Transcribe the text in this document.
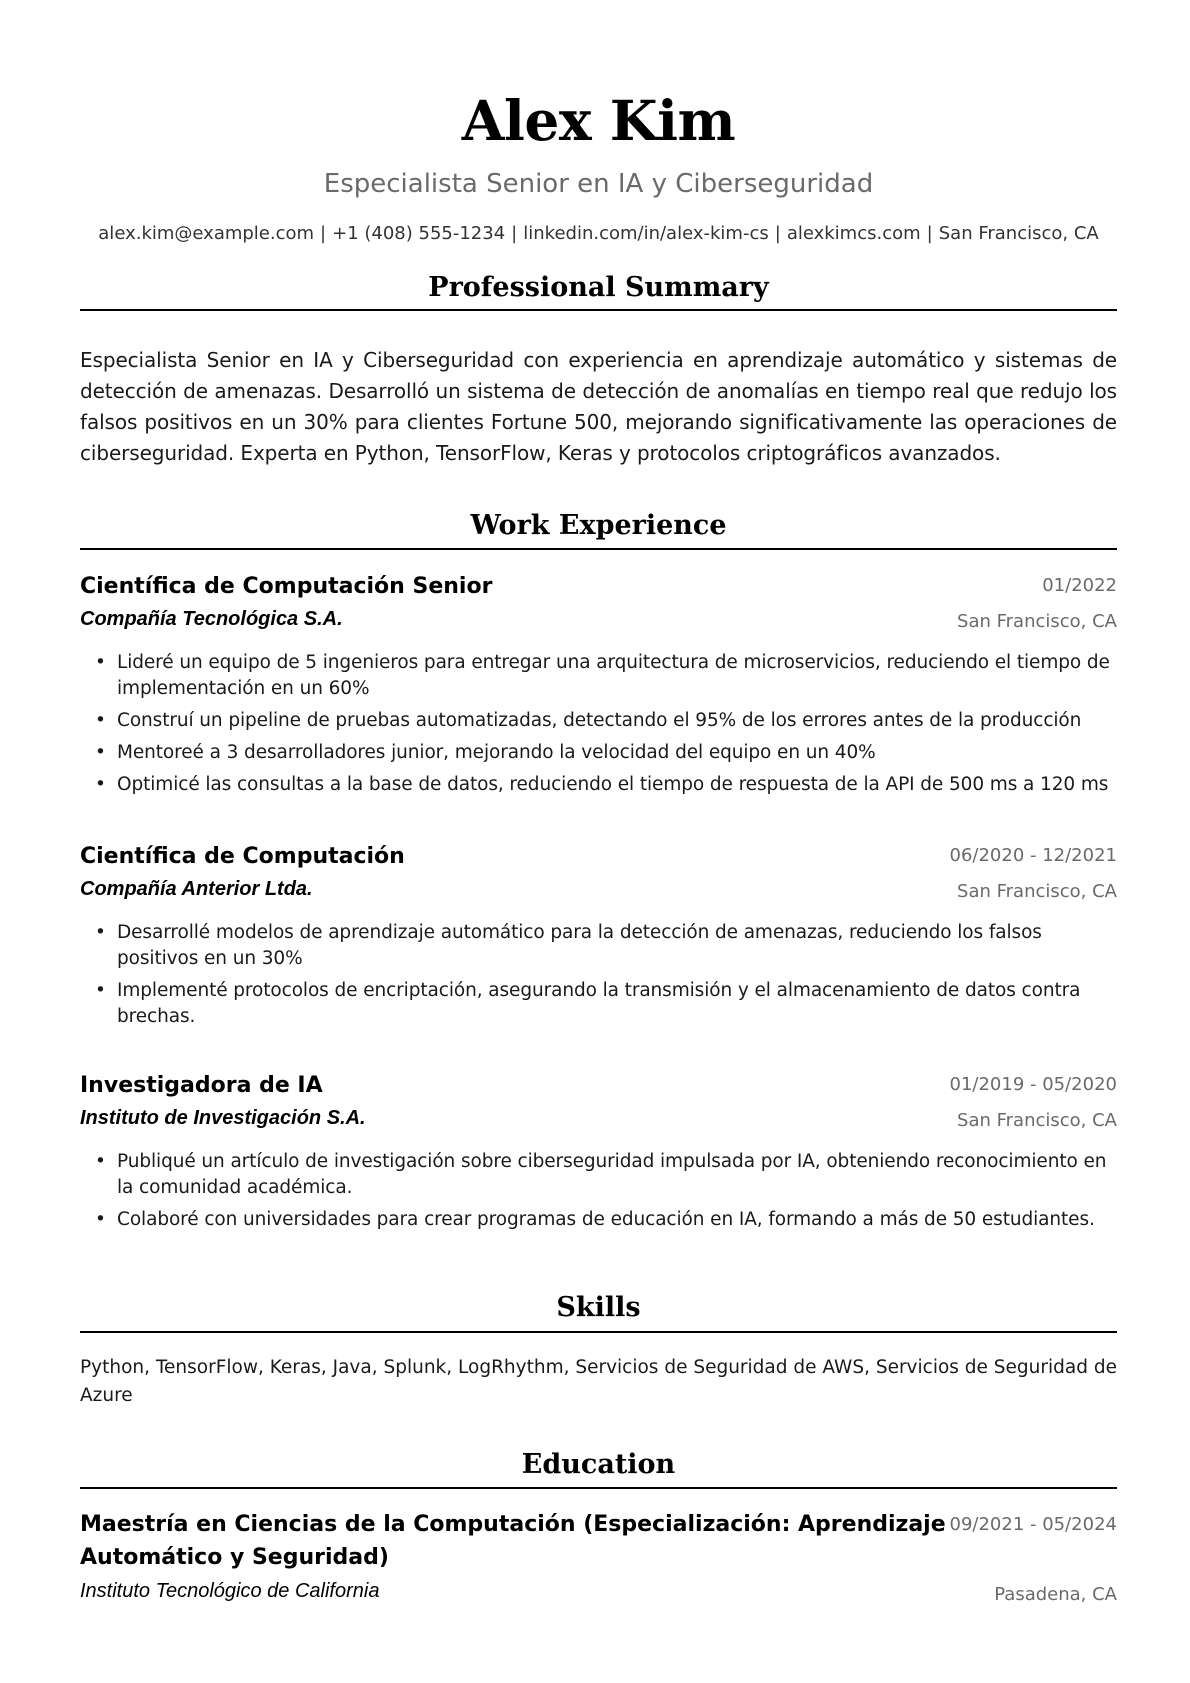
Alex Kim
Especialista Senior en IA y Ciberseguridad
alex.kim@example.com | +1 (408) 555-1234 | linkedin.com/in/alex-kim-cs | alexkimcs.com | San Francisco, CA
Professional Summary
Especialista Senior en IA y Ciberseguridad con experiencia en aprendizaje automático y sistemas de detección de amenazas. Desarrolló un sistema de detección de anomalías en tiempo real que redujo los falsos positivos en un 30% para clientes Fortune 500, mejorando significativamente las operaciones de ciberseguridad. Experta en Python, TensorFlow, Keras y protocolos criptográficos avanzados.
Work Experience
Científica de Computación Senior	01/2022
Compañía Tecnológica S.A.	San Francisco, CA
• Lideré un equipo de 5 ingenieros para entregar una arquitectura de microservicios, reduciendo el tiempo de implementación en un 60%
• Construí un pipeline de pruebas automatizadas, detectando el 95% de los errores antes de la producción
• Mentoreé a 3 desarrolladores junior, mejorando la velocidad del equipo en un 40%
• Optimicé las consultas a la base de datos, reduciendo el tiempo de respuesta de la API de 500 ms a 120 ms
Científica de Computación	06/2020 - 12/2021
Compañía Anterior Ltda.	San Francisco, CA
• Desarrollé modelos de aprendizaje automático para la detección de amenazas, reduciendo los falsos positivos en un 30%
• Implementé protocolos de encriptación, asegurando la transmisión y el almacenamiento de datos contra brechas.
Investigadora de IA	01/2019 - 05/2020
Instituto de Investigación S.A.	San Francisco, CA
• Publiqué un artículo de investigación sobre ciberseguridad impulsada por IA, obteniendo reconocimiento en la comunidad académica.
• Colaboré con universidades para crear programas de educación en IA, formando a más de 50 estudiantes.
Skills
Python, TensorFlow, Keras, Java, Splunk, LogRhythm, Servicios de Seguridad de AWS, Servicios de Seguridad de Azure
Education
Maestría en Ciencias de la Computación (Especialización: Aprendizaje Automático y Seguridad)
09/2021 - 05/2024
Instituto Tecnológico de California	Pasadena, CA
